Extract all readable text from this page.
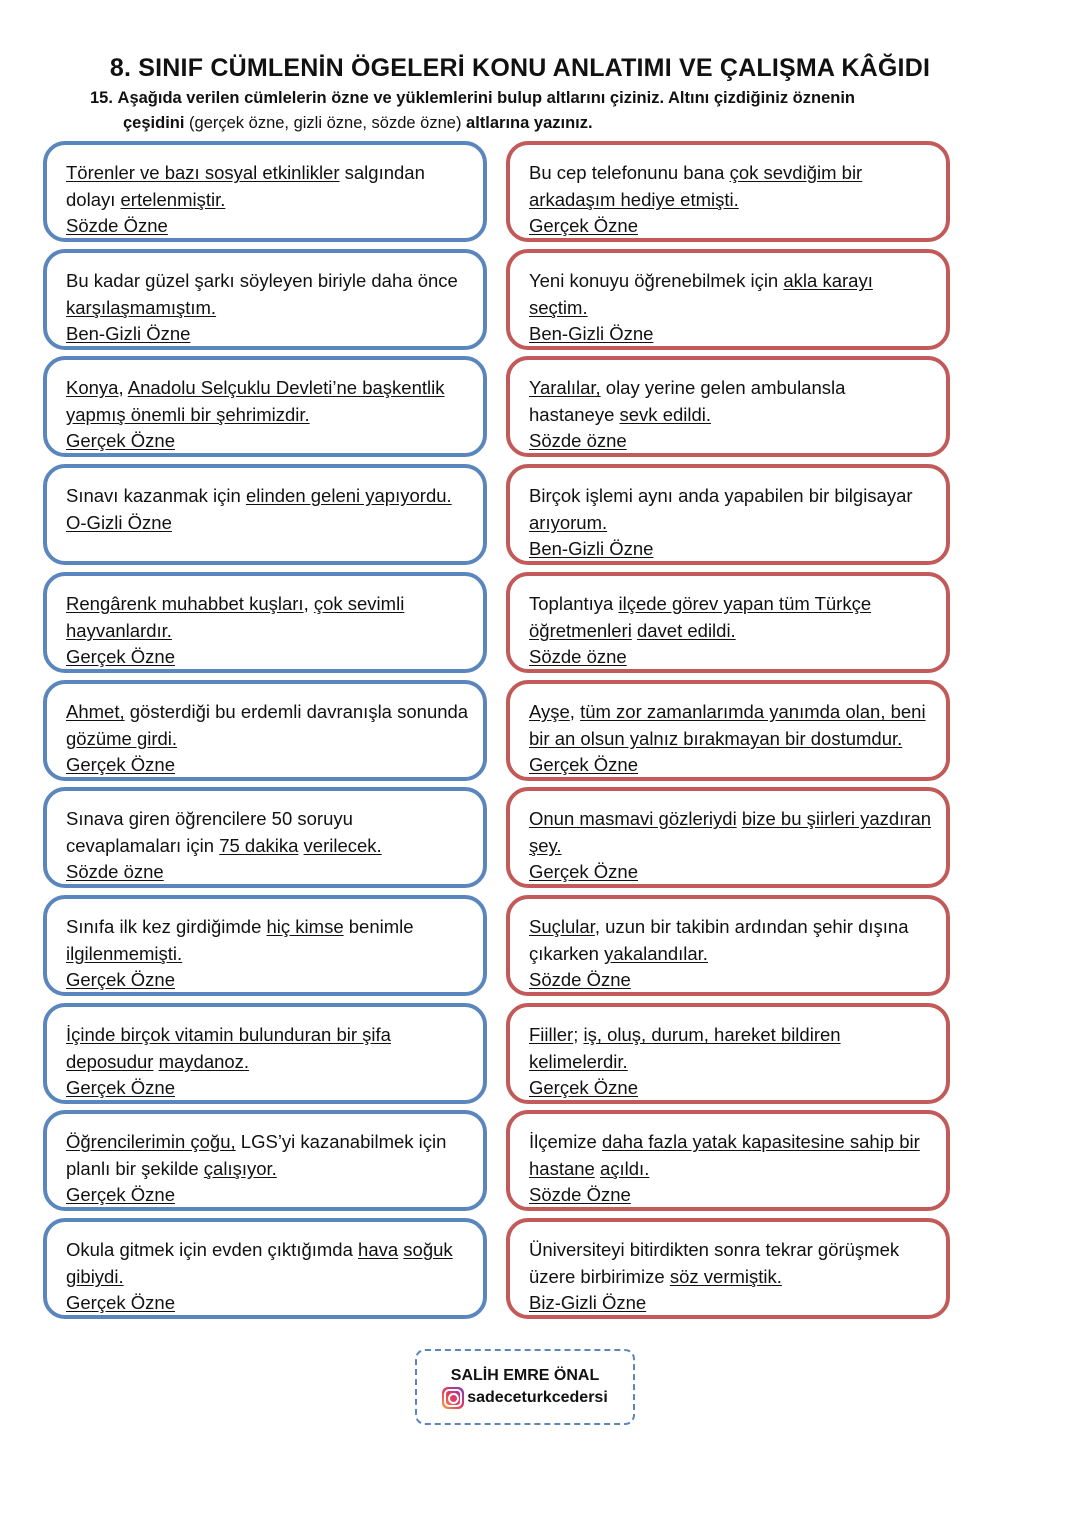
8. SINIF CÜMLENİN ÖGELERİ KONU ANLATIMI VE ÇALIŞMA KÂĞIDI
15. Aşağıda verilen cümlelerin özne ve yüklemlerini bulup altlarını çiziniz. Altını çizdiğiniz öznenin
çeşidini (gerçek özne, gizli özne, sözde özne) altlarına yazınız.
Törenler ve bazı sosyal etkinlikler salgından dolayı ertelenmiştir.
Sözde Özne
Bu kadar güzel şarkı söyleyen biriyle daha önce karşılaşmamıştım.
Ben-Gizli Özne
Konya, Anadolu Selçuklu Devleti’ne başkentlik yapmış önemli bir şehrimizdir.
Gerçek Özne
Sınavı kazanmak için elinden geleni yapıyordu.
O-Gizli Özne
Rengârenk muhabbet kuşları, çok sevimli hayvanlardır.
Gerçek Özne
Ahmet, gösterdiği bu erdemli davranışla sonunda gözüme girdi.
Gerçek Özne
Sınava giren öğrencilere 50 soruyu cevaplamaları için 75 dakika verilecek.
Sözde özne
Sınıfa ilk kez girdiğimde hiç kimse benimle ilgilenmemişti.
Gerçek Özne
İçinde birçok vitamin bulunduran bir şifa deposudur maydanoz.
Gerçek Özne
Öğrencilerimin çoğu, LGS’yi kazanabilmek için planlı bir şekilde çalışıyor.
Gerçek Özne
Okula gitmek için evden çıktığımda hava soğuk gibiydi.
Gerçek Özne
Bu cep telefonunu bana çok sevdiğim bir arkadaşım hediye etmişti.
Gerçek Özne
Yeni konuyu öğrenebilmek için akla karayı seçtim.
Ben-Gizli Özne
Yaralılar, olay yerine gelen ambulansla hastaneye sevk edildi.
Sözde özne
Birçok işlemi aynı anda yapabilen bir bilgisayar arıyorum.
Ben-Gizli Özne
Toplantıya ilçede görev yapan tüm Türkçe öğretmenleri davet edildi.
Sözde özne
Ayşe, tüm zor zamanlarımda yanımda olan, beni bir an olsun yalnız bırakmayan bir dostumdur. Gerçek Özne
Onun masmavi gözleriydi bize bu şiirleri yazdıran şey.
Gerçek Özne
Suçlular, uzun bir takibin ardından şehir dışına çıkarken yakalandılar.
Sözde Özne
Fiiller; iş, oluş, durum, hareket bildiren kelimelerdir.
Gerçek Özne
İlçemize daha fazla yatak kapasitesine sahip bir hastane açıldı.
Sözde Özne
Üniversiteyi bitirdikten sonra tekrar görüşmek üzere birbirimize söz vermiştik.
Biz-Gizli Özne
SALİH EMRE ÖNAL
sadeceturkcedersi
